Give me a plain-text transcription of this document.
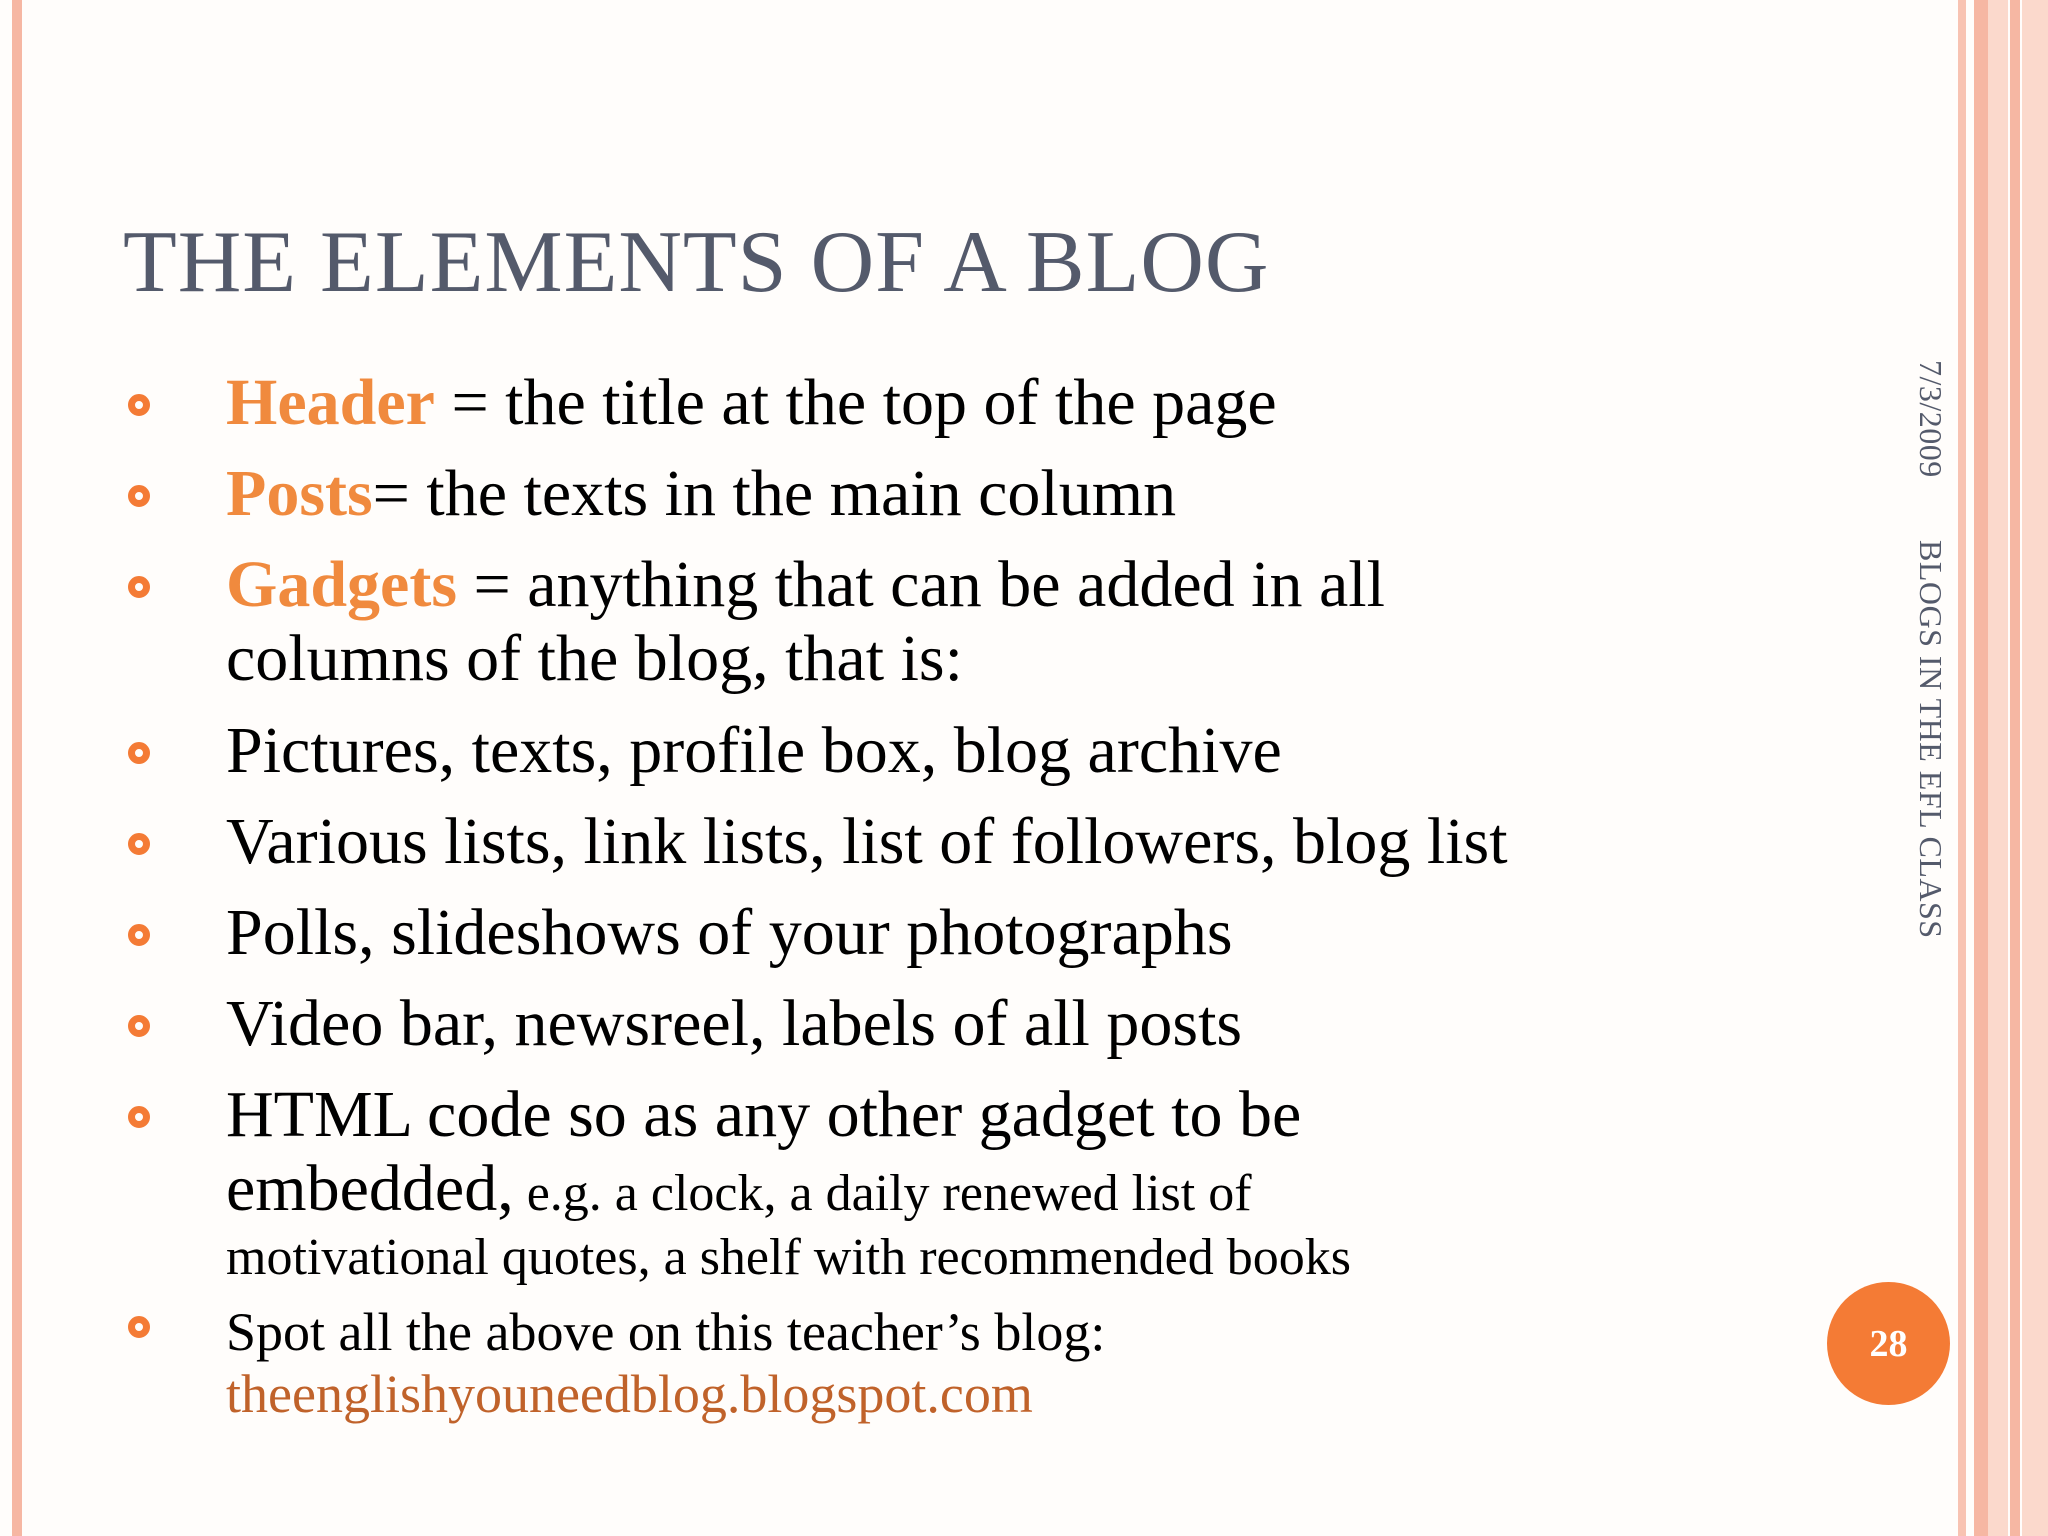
THE ELEMENTS OF A BLOG
Header = the title at the top of the page
Posts= the texts in the main column
Gadgets = anything that can be added in all
columns of the blog, that is:
Pictures, texts, profile box, blog archive
Various lists, link lists, list of followers, blog list
Polls, slideshows of your photographs
Video bar, newsreel, labels of all posts
HTML code so as any other gadget to be
embedded, e.g. a clock, a daily renewed list of
motivational quotes, a shelf with recommended books
Spot all the above on this teacher’s blog:
theenglishyouneedblog.blogspot.com
7/3/2009
BLOGS IN THE EFL CLASS
28
